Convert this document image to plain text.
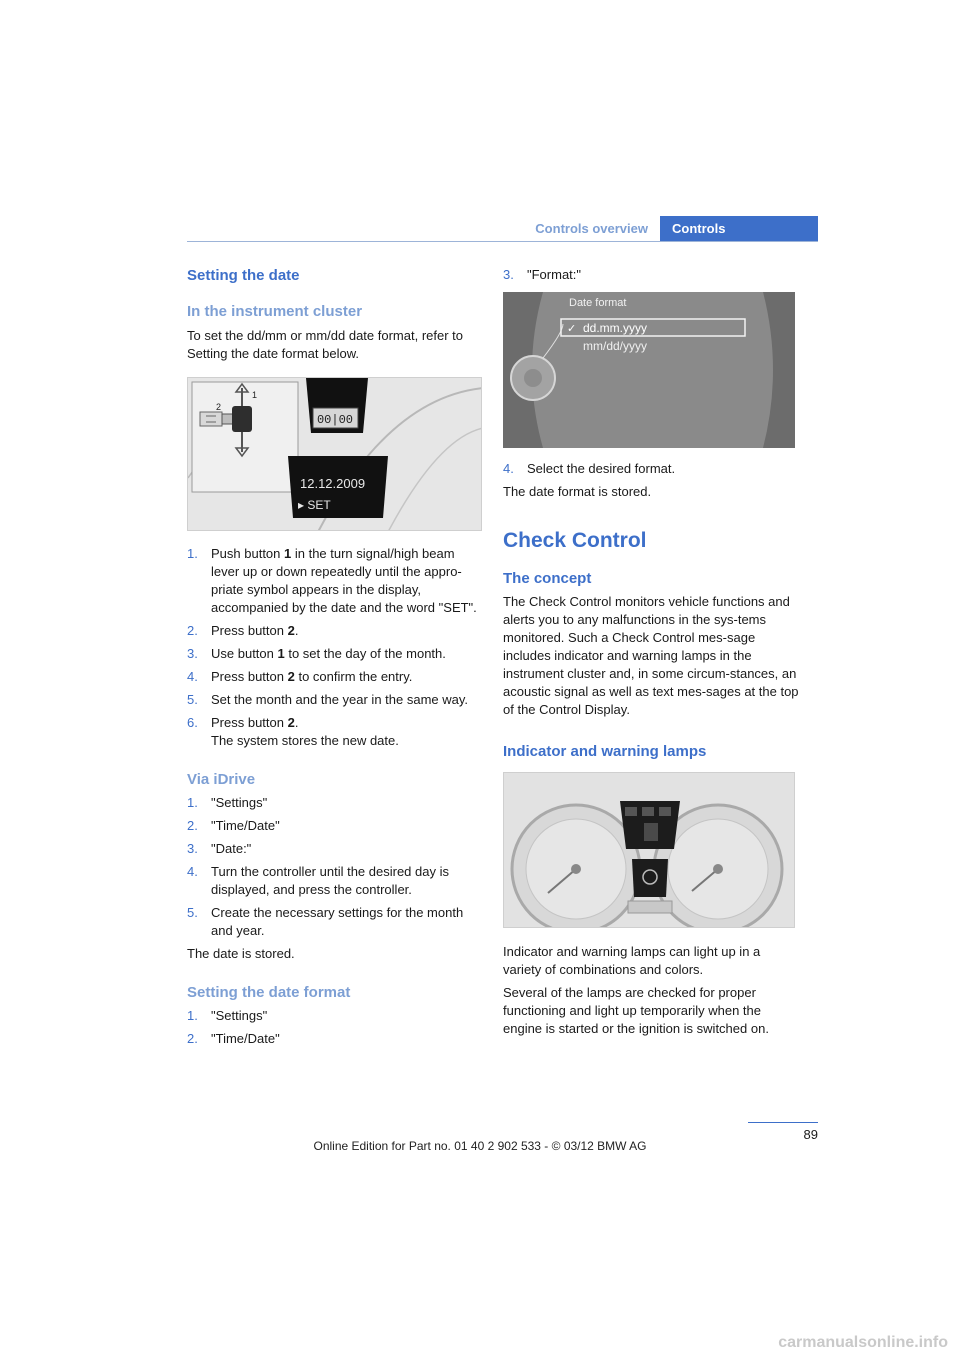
Controls overview	Controls
Setting the date
In the instrument cluster

To set the dd/mm or mm/dd date format, refer to Setting the date format below.

1
2
00|00
12.12.2009
▸ SET
1. Push button 1 in the turn signal/high beam lever up or down repeatedly until the appro-priate symbol appears in the display, accompanied by the date and the word "SET".
2. Press button 2.
3. Use button 1 to set the day of the month.
4. Press button 2 to confirm the entry.
5. Set the month and the year in the same way.
6. Press button 2.
The system stores the new date.
Via iDrive
1. "Settings"
2. "Time/Date"
3. "Date:"
4. Turn the controller until the desired day is displayed, and press the controller.
5. Create the necessary settings for the month and year.

The date is stored.

Setting the date format
1. "Settings"
2. "Time/Date"
3. "Format:"
Date format
✓ dd.mm.yyyy
mm/dd/yyyy
4. Select the desired format.

The date format is stored.

Check Control
The concept

The Check Control monitors vehicle functions and alerts you to any malfunctions in the sys-tems monitored. Such a Check Control mes-sage includes indicator and warning lamps in the instrument cluster and, in some circum-stances, an acoustic signal as well as text mes-sages at the top of the Control Display.

Indicator and warning lamps

Indicator and warning lamps can light up in a variety of combinations and colors.

Several of the lamps are checked for proper functioning and light up temporarily when the engine is started or the ignition is switched on.

89
Online Edition for Part no. 01 40 2 902 533 - © 03/12 BMW AG
carmanualsonline.info
